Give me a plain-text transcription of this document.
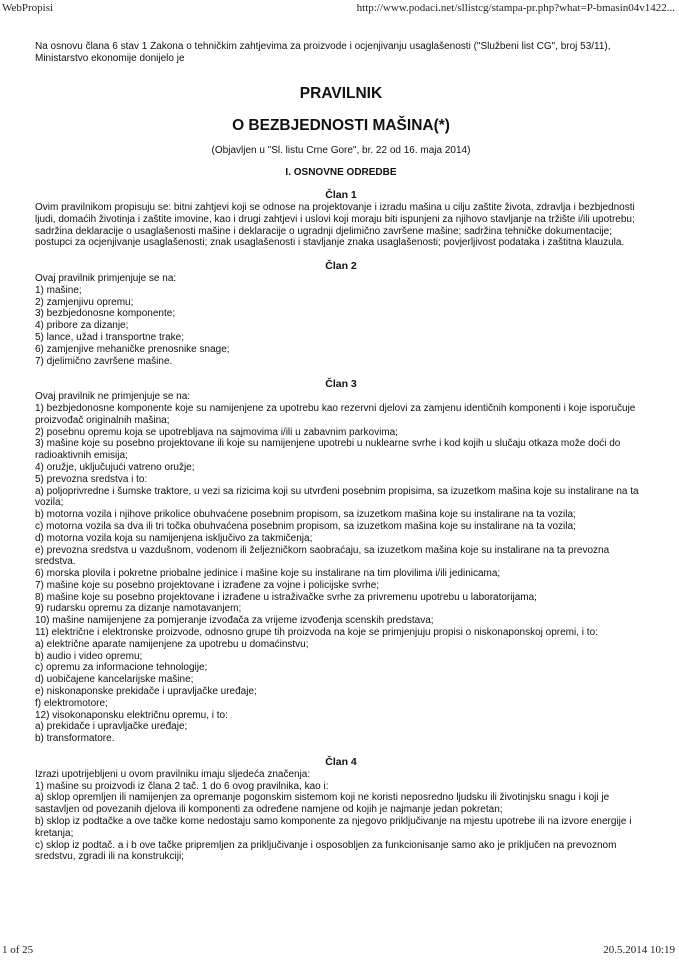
WebPropisi	http://www.podaci.net/sllistcg/stampa-pr.php?what=P-bmasin04v1422...

Na osnovu člana 6 stav 1 Zakona o tehničkim zahtjevima za proizvode i ocjenjivanju usaglašenosti ("Službeni list CG", broj 53/11), Ministarstvo ekonomije donijelo je

PRAVILNIK
O BEZBJEDNOSTI MAŠINA(*)
(Objavljen u "Sl. listu Crne Gore", br. 22 od 16. maja 2014)
I. OSNOVNE ODREDBE
Član 1
Ovim pravilnikom propisuju se: bitni zahtjevi koji se odnose na projektovanje i izradu mašina u cilju zaštite života, zdravlja i bezbjednosti ljudi, domaćih životinja i zaštite imovine, kao i drugi zahtjevi i uslovi koji moraju biti ispunjeni za njihovo stavljanje na tržište i/ili upotrebu; sadržina deklaracije o usaglašenosti mašine i deklaracije o ugradnji djelimično završene mašine; sadržina tehničke dokumentacije; postupci za ocjenjivanje usaglašenosti; znak usaglašenosti i stavljanje znaka usaglašenosti; povjerljivost podataka i zaštitna klauzula.
Član 2
Ovaj pravilnik primjenjuje se na:
1) mašine;
2) zamjenjivu opremu;
3) bezbjedonosne komponente;
4) pribore za dizanje;
5) lance, užad i transportne trake;
6) zamjenjive mehaničke prenosnike snage;
7) djelimično završene mašine.
Član 3
Ovaj pravilnik ne primjenjuje se na:
1) bezbjedonosne komponente koje su namijenjene za upotrebu kao rezervni djelovi za zamjenu identičnih komponenti i koje isporučuje proizvođač originalnih mašina;
2) posebnu opremu koja se upotrebljava na sajmovima i/ili u zabavnim parkovima;
3) mašine koje su posebno projektovane ili koje su namijenjene upotrebi u nuklearne svrhe i kod kojih u slučaju otkaza može doći do radioaktivnih emisija;
4) oružje, uključujući vatreno oružje;
5) prevozna sredstva i to:
a) poljoprivredne i šumske traktore, u vezi sa rizicima koji su utvrđeni posebnim propisima, sa izuzetkom mašina koje su instalirane na ta vozila;
b) motorna vozila i njihove prikolice obuhvaćene posebnim propisom, sa izuzetkom mašina koje su instalirane na ta vozila;
c) motorna vozila sa dva ili tri točka obuhvaćena posebnim propisom, sa izuzetkom mašina koje su instalirane na ta vozila;
d) motorna vozila koja su namijenjena isključivo za takmičenja;
e) prevozna sredstva u vazdušnom, vodenom ili željezničkom saobraćaju, sa izuzetkom mašina koje su instalirane na ta prevozna sredstva.
6) morska plovila i pokretne priobalne jedinice i mašine koje su instalirane na tim plovilima i/ili jedinicama;
7) mašine koje su posebno projektovane i izrađene za vojne i policijske svrhe;
8) mašine koje su posebno projektovane i izrađene u istraživačke svrhe za privremenu upotrebu u laboratorijama;
9) rudarsku opremu za dizanje namotavanjem;
10) mašine namijenjene za pomjeranje izvođača za vrijeme izvođenja scenskih predstava;
11) električne i elektronske proizvode, odnosno grupe tih proizvoda na koje se primjenjuju propisi o niskonaponskoj opremi, i to:
a) električne aparate namijenjene za upotrebu u domaćinstvu;
b) audio i video opremu;
c) opremu za informacione tehnologije;
d) uobičajene kancelarijske mašine;
e) niskonaponske prekidače i upravljačke uređaje;
f) elektromotore;
12) visokonaponsku električnu opremu, i to:
a) prekidače i upravljačke uređaje;
b) transformatore.
Član 4
Izrazi upotrijebljeni u ovom pravilniku imaju sljedeća značenja:
1) mašine su proizvodi iz člana 2 tač. 1 do 6 ovog pravilnika, kao i:
a) sklop opremljen ili namijenjen za opremanje pogonskim sistemom koji ne koristi neposredno ljudsku ili životinjsku snagu i koji je sastavljen od povezanih djelova ili komponenti za određene namjene od kojih je najmanje jedan pokretan;
b) sklop iz podtačke a ove tačke kome nedostaju samo komponente za njegovo priključivanje na mjestu upotrebe ili na izvore energije i kretanja;
c) sklop iz podtač. a i b ove tačke pripremljen za priključivanje i osposobljen za funkcionisanje samo ako je priključen na prevoznom sredstvu, zgradi ili na konstrukciji;
1 of 25	20.5.2014 10:19
